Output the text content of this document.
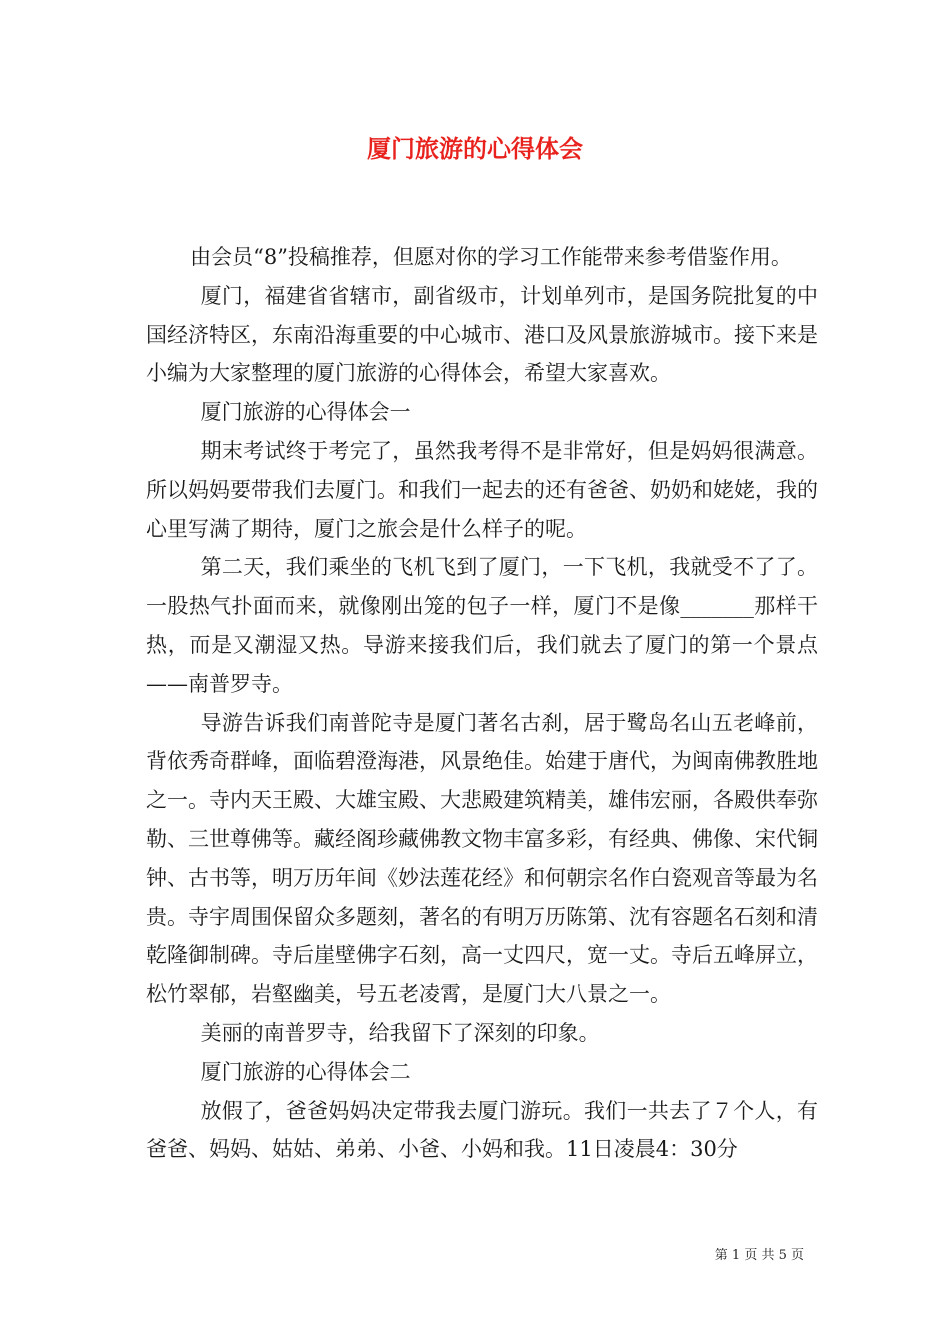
厦门旅游的心得体会

由会员“8”投稿推荐，但愿对你的学习工作能带来参考借鉴作用。

厦门，福建省省辖市，副省级市，计划单列市，是国务院批复的中国经济特区，东南沿海重要的中心城市、港口及风景旅游城市。接下来是小编为大家整理的厦门旅游的心得体会，希望大家喜欢。

厦门旅游的心得体会一

期末考试终于考完了，虽然我考得不是非常好，但是妈妈很满意。所以妈妈要带我们去厦门。和我们一起去的还有爸爸、奶奶和姥姥，我的心里写满了期待，厦门之旅会是什么样子的呢。

第二天，我们乘坐的飞机飞到了厦门，一下飞机，我就受不了了。一股热气扑面而来，就像刚出笼的包子一样，厦门不是像_______那样干热，而是又潮湿又热。导游来接我们后，我们就去了厦门的第一个景点——南普罗寺。

导游告诉我们南普陀寺是厦门著名古刹，居于鹭岛名山五老峰前，背依秀奇群峰，面临碧澄海港，风景绝佳。始建于唐代，为闽南佛教胜地之一。寺内天王殿、大雄宝殿、大悲殿建筑精美，雄伟宏丽，各殿供奉弥勒、三世尊佛等。藏经阁珍藏佛教文物丰富多彩，有经典、佛像、宋代铜钟、古书等，明万历年间《妙法莲花经》和何朝宗名作白瓷观音等最为名贵。寺宇周围保留众多题刻，著名的有明万历陈第、沈有容题名石刻和清乾隆御制碑。寺后崖壁佛字石刻，高一丈四尺，宽一丈。寺后五峰屏立，松竹翠郁，岩壑幽美，号五老凌霄，是厦门大八景之一。

美丽的南普罗寺，给我留下了深刻的印象。

厦门旅游的心得体会二

放假了，爸爸妈妈决定带我去厦门游玩。我们一共去了７个人，有爸爸、妈妈、姑姑、弟弟、小爸、小妈和我。11日凌晨4：30分

第 1 页 共 5 页
